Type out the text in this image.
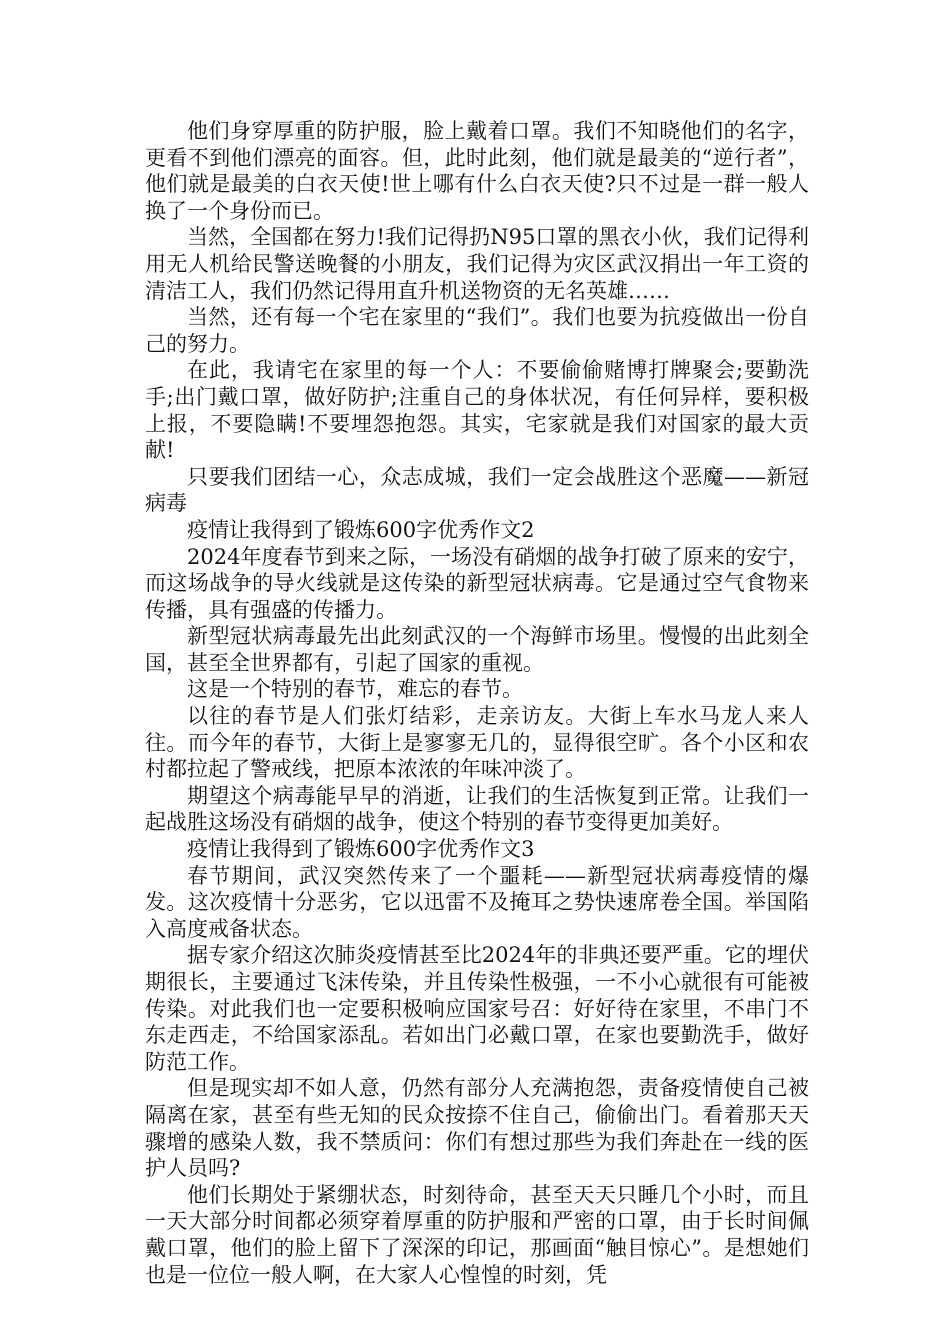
他们身穿厚重的防护服，脸上戴着口罩。我们不知晓他们的名字，更看不到他们漂亮的面容。但，此时此刻，他们就是最美的“逆行者”，他们就是最美的白衣天使!世上哪有什么白衣天使?只不过是一群一般人换了一个身份而已。

当然，全国都在努力!我们记得扔N95口罩的黑衣小伙，我们记得利用无人机给民警送晚餐的小朋友，我们记得为灾区武汉捐出一年工资的清洁工人，我们仍然记得用直升机送物资的无名英雄……

当然，还有每一个宅在家里的“我们”。我们也要为抗疫做出一份自己的努力。

在此，我请宅在家里的每一个人：不要偷偷赌博打牌聚会;要勤洗手;出门戴口罩，做好防护;注重自己的身体状况，有任何异样，要积极上报，不要隐瞒!不要埋怨抱怨。其实，宅家就是我们对国家的最大贡献!

只要我们团结一心，众志成城，我们一定会战胜这个恶魔——新冠病毒

疫情让我得到了锻炼600字优秀作文2

2024年度春节到来之际，一场没有硝烟的战争打破了原来的安宁，而这场战争的导火线就是这传染的新型冠状病毒。它是通过空气食物来传播，具有强盛的传播力。

新型冠状病毒最先出此刻武汉的一个海鲜市场里。慢慢的出此刻全国，甚至全世界都有，引起了国家的重视。

这是一个特别的春节，难忘的春节。

以往的春节是人们张灯结彩，走亲访友。大街上车水马龙人来人往。而今年的春节，大街上是寥寥无几的，显得很空旷。各个小区和农村都拉起了警戒线，把原本浓浓的年味冲淡了。

期望这个病毒能早早的消逝，让我们的生活恢复到正常。让我们一起战胜这场没有硝烟的战争，使这个特别的春节变得更加美好。

疫情让我得到了锻炼600字优秀作文3

春节期间，武汉突然传来了一个噩耗——新型冠状病毒疫情的爆发。这次疫情十分恶劣，它以迅雷不及掩耳之势快速席卷全国。举国陷入高度戒备状态。

据专家介绍这次肺炎疫情甚至比2024年的非典还要严重。它的埋伏期很长，主要通过飞沫传染，并且传染性极强，一不小心就很有可能被传染。对此我们也一定要积极响应国家号召：好好待在家里，不串门不东走西走，不给国家添乱。若如出门必戴口罩，在家也要勤洗手，做好防范工作。

但是现实却不如人意，仍然有部分人充满抱怨，责备疫情使自己被隔离在家，甚至有些无知的民众按捺不住自己，偷偷出门。看着那天天骤增的感染人数，我不禁质问：你们有想过那些为我们奔赴在一线的医护人员吗?

他们长期处于紧绷状态，时刻待命，甚至天天只睡几个小时，而且一天大部分时间都必须穿着厚重的防护服和严密的口罩，由于长时间佩戴口罩，他们的脸上留下了深深的印记，那画面“触目惊心”。是想她们也是一位位一般人啊，在大家人心惶惶的时刻，凭
